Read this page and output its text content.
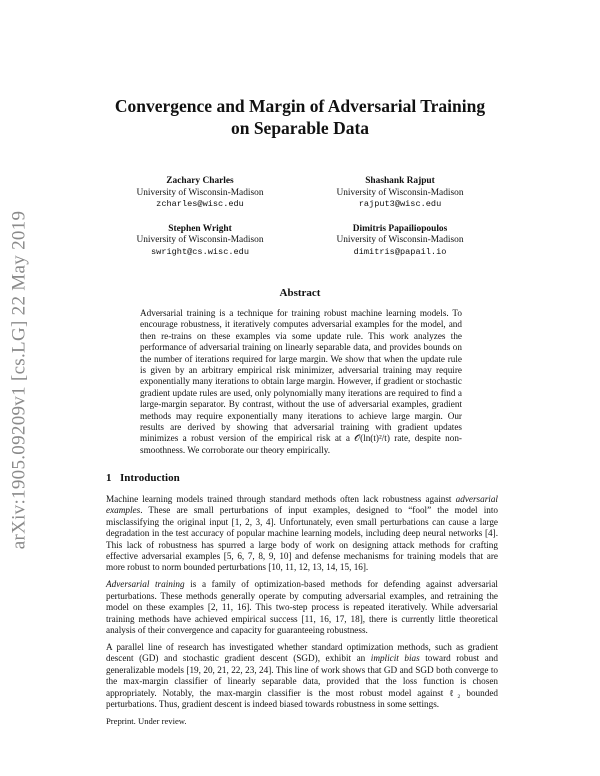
arXiv:1905.09209v1 [cs.LG] 22 May 2019
Convergence and Margin of Adversarial Training
on Separable Data
Zachary Charles
University of Wisconsin-Madison
zcharles@wisc.edu
Shashank Rajput
University of Wisconsin-Madison
rajput3@wisc.edu
Stephen Wright
University of Wisconsin-Madison
swright@cs.wisc.edu
Dimitris Papailiopoulos
University of Wisconsin-Madison
dimitris@papail.io
Abstract
Adversarial training is a technique for training robust machine learning models. To encourage robustness, it iteratively computes adversarial examples for the model, and then re-trains on these examples via some update rule. This work analyzes the performance of adversarial training on linearly separable data, and provides bounds on the number of iterations required for large margin. We show that when the update rule is given by an arbitrary empirical risk minimizer, adversarial training may require exponentially many iterations to obtain large margin. However, if gradient or stochastic gradient update rules are used, only polynomially many iterations are required to find a large-margin separator. By contrast, without the use of adversarial examples, gradient methods may require exponentially many iterations to achieve large margin. Our results are derived by showing that adversarial training with gradient updates minimizes a robust version of the empirical risk at a 𝒪(ln(t)²/t) rate, despite non-smoothness. We corroborate our theory empirically.
1 Introduction

Machine learning models trained through standard methods often lack robustness against adversarial examples. These are small perturbations of input examples, designed to “fool” the model into misclassifying the original input [1, 2, 3, 4]. Unfortunately, even small perturbations can cause a large degradation in the test accuracy of popular machine learning models, including deep neural networks [4]. This lack of robustness has spurred a large body of work on designing attack methods for crafting effective adversarial examples [5, 6, 7, 8, 9, 10] and defense mechanisms for training models that are more robust to norm bounded perturbations [10, 11, 12, 13, 14, 15, 16].

Adversarial training is a family of optimization-based methods for defending against adversarial perturbations. These methods generally operate by computing adversarial examples, and retraining the model on these examples [2, 11, 16]. This two-step process is repeated iteratively. While adversarial training methods have achieved empirical success [11, 16, 17, 18], there is currently little theoretical analysis of their convergence and capacity for guaranteeing robustness.

A parallel line of research has investigated whether standard optimization methods, such as gradient descent (GD) and stochastic gradient descent (SGD), exhibit an implicit bias toward robust and generalizable models [19, 20, 21, 22, 23, 24]. This line of work shows that GD and SGD both converge to the max-margin classifier of linearly separable data, provided that the loss function is chosen appropriately. Notably, the max-margin classifier is the most robust model against ℓ₂ bounded perturbations. Thus, gradient descent is indeed biased towards robustness in some settings.

Preprint. Under review.
